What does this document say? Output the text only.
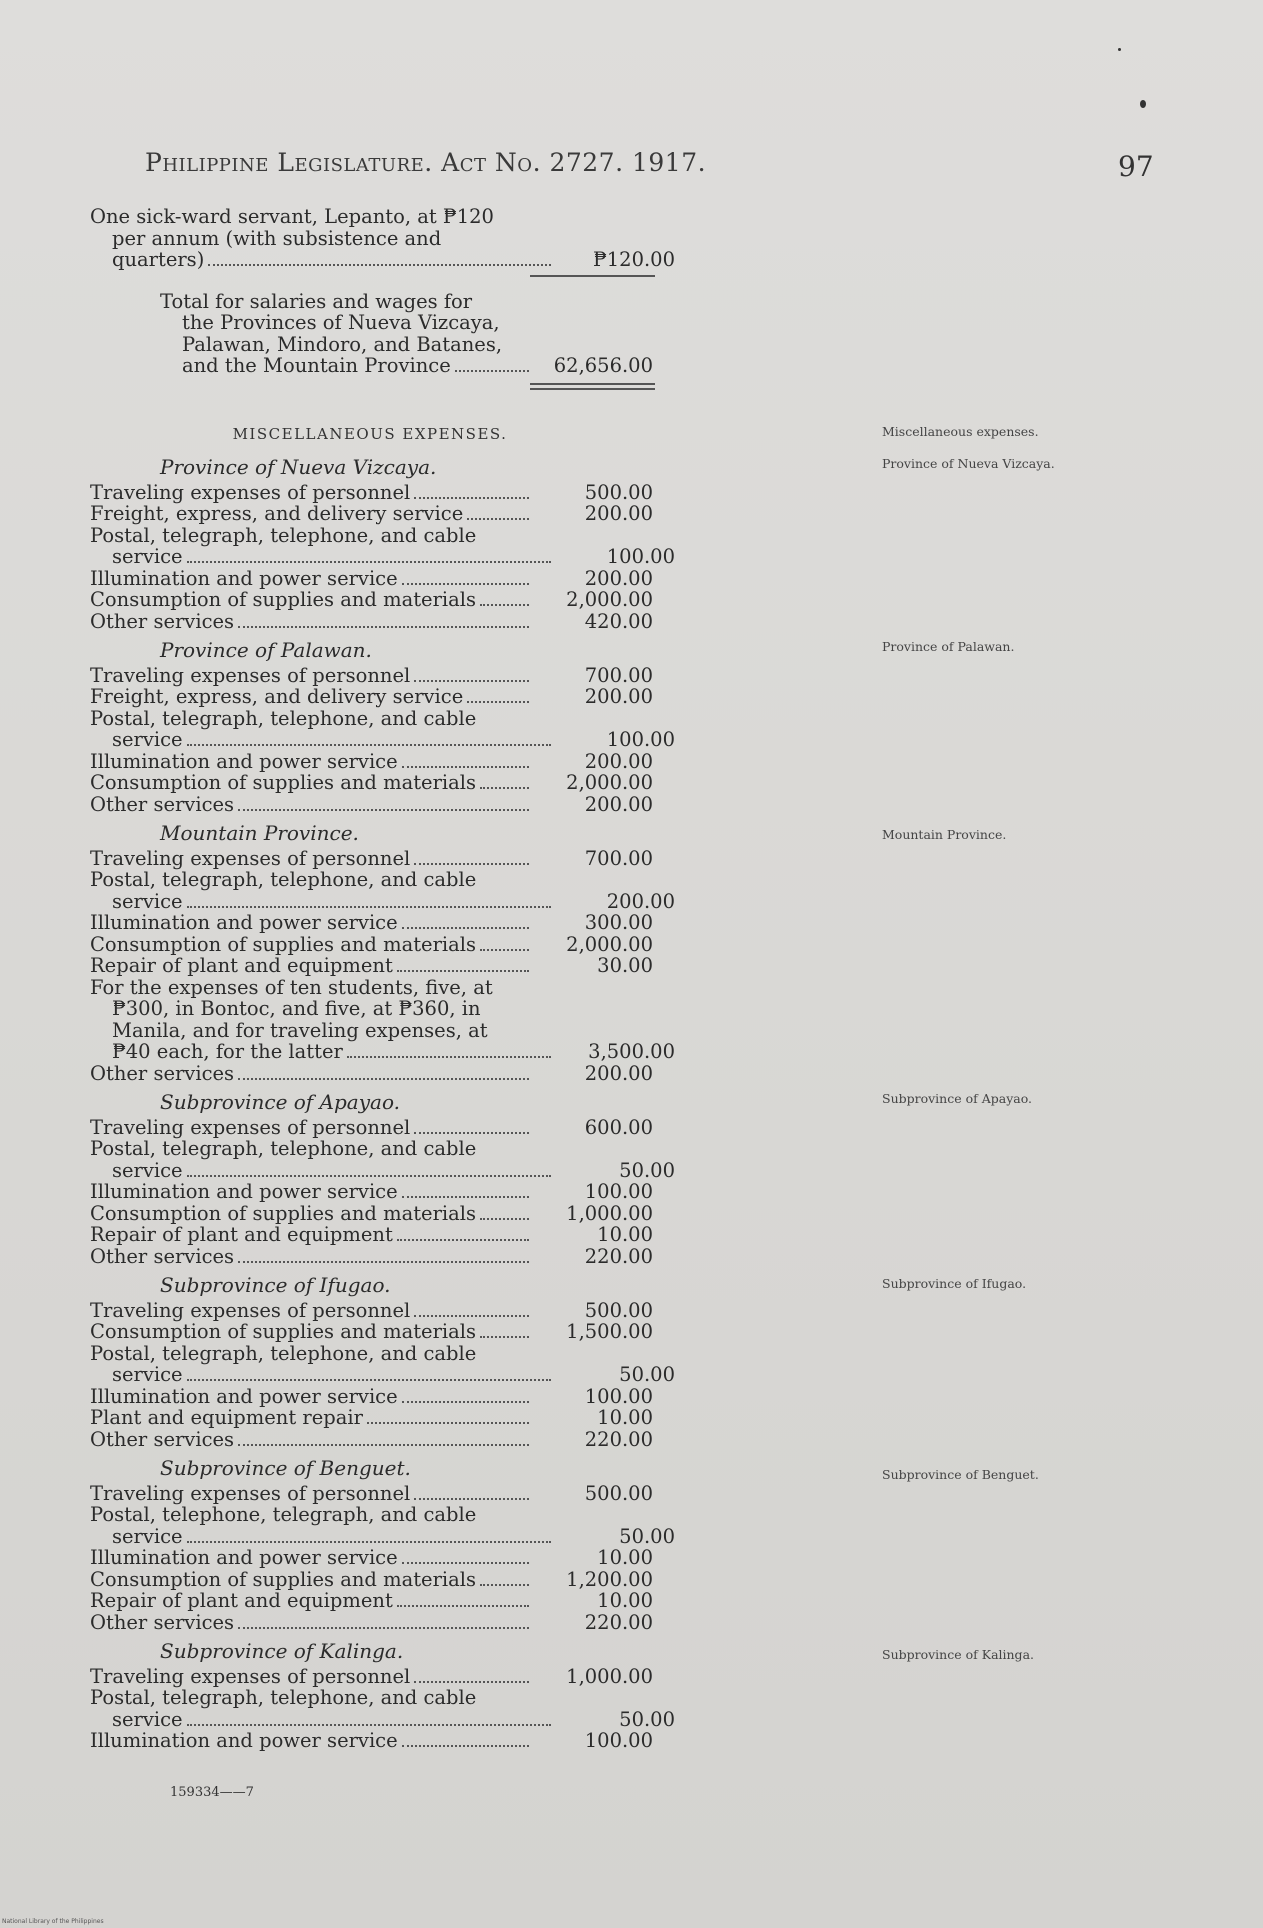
Philippine Legislature. Act No. 2727. 1917.	97
One sick-ward servant, Lepanto, at ₱120
per annum (with subsistence and
quarters)	₱120.00
Total for salaries and wages for
the Provinces of Nueva Vizcaya,
Palawan, Mindoro, and Batanes,
and the Mountain Province	62,656.00
MISCELLANEOUS EXPENSES.
Province of Nueva Vizcaya.
Traveling expenses of personnel	500.00
Freight, express, and delivery service	200.00
Postal, telegraph, telephone, and cable
service	100.00
Illumination and power service	200.00
Consumption of supplies and materials	2,000.00
Other services	420.00
Province of Palawan.
Traveling expenses of personnel	700.00
Freight, express, and delivery service	200.00
Postal, telegraph, telephone, and cable
service	100.00
Illumination and power service	200.00
Consumption of supplies and materials	2,000.00
Other services	200.00
Mountain Province.
Traveling expenses of personnel	700.00
Postal, telegraph, telephone, and cable
service	200.00
Illumination and power service	300.00
Consumption of supplies and materials	2,000.00
Repair of plant and equipment	30.00
For the expenses of ten students, five, at
₱300, in Bontoc, and five, at ₱360, in
Manila, and for traveling expenses, at
₱40 each, for the latter	3,500.00
Other services	200.00
Subprovince of Apayao.
Traveling expenses of personnel	600.00
Postal, telegraph, telephone, and cable
service	50.00
Illumination and power service	100.00
Consumption of supplies and materials	1,000.00
Repair of plant and equipment	10.00
Other services	220.00
Subprovince of Ifugao.
Traveling expenses of personnel	500.00
Consumption of supplies and materials	1,500.00
Postal, telegraph, telephone, and cable
service	50.00
Illumination and power service	100.00
Plant and equipment repair	10.00
Other services	220.00
Subprovince of Benguet.
Traveling expenses of personnel	500.00
Postal, telephone, telegraph, and cable
service	50.00
Illumination and power service	10.00
Consumption of supplies and materials	1,200.00
Repair of plant and equipment	10.00
Other services	220.00
Subprovince of Kalinga.
Traveling expenses of personnel	1,000.00
Postal, telegraph, telephone, and cable
service	50.00
Illumination and power service	100.00
Miscellaneous expenses.
Province of Nueva Vizcaya.
Province of Palawan.
Mountain Province.
Subprovince of Apayao.
Subprovince of Ifugao.
Subprovince of Benguet.
Subprovince of Kalinga.
159334——7
National Library of the Philippines
